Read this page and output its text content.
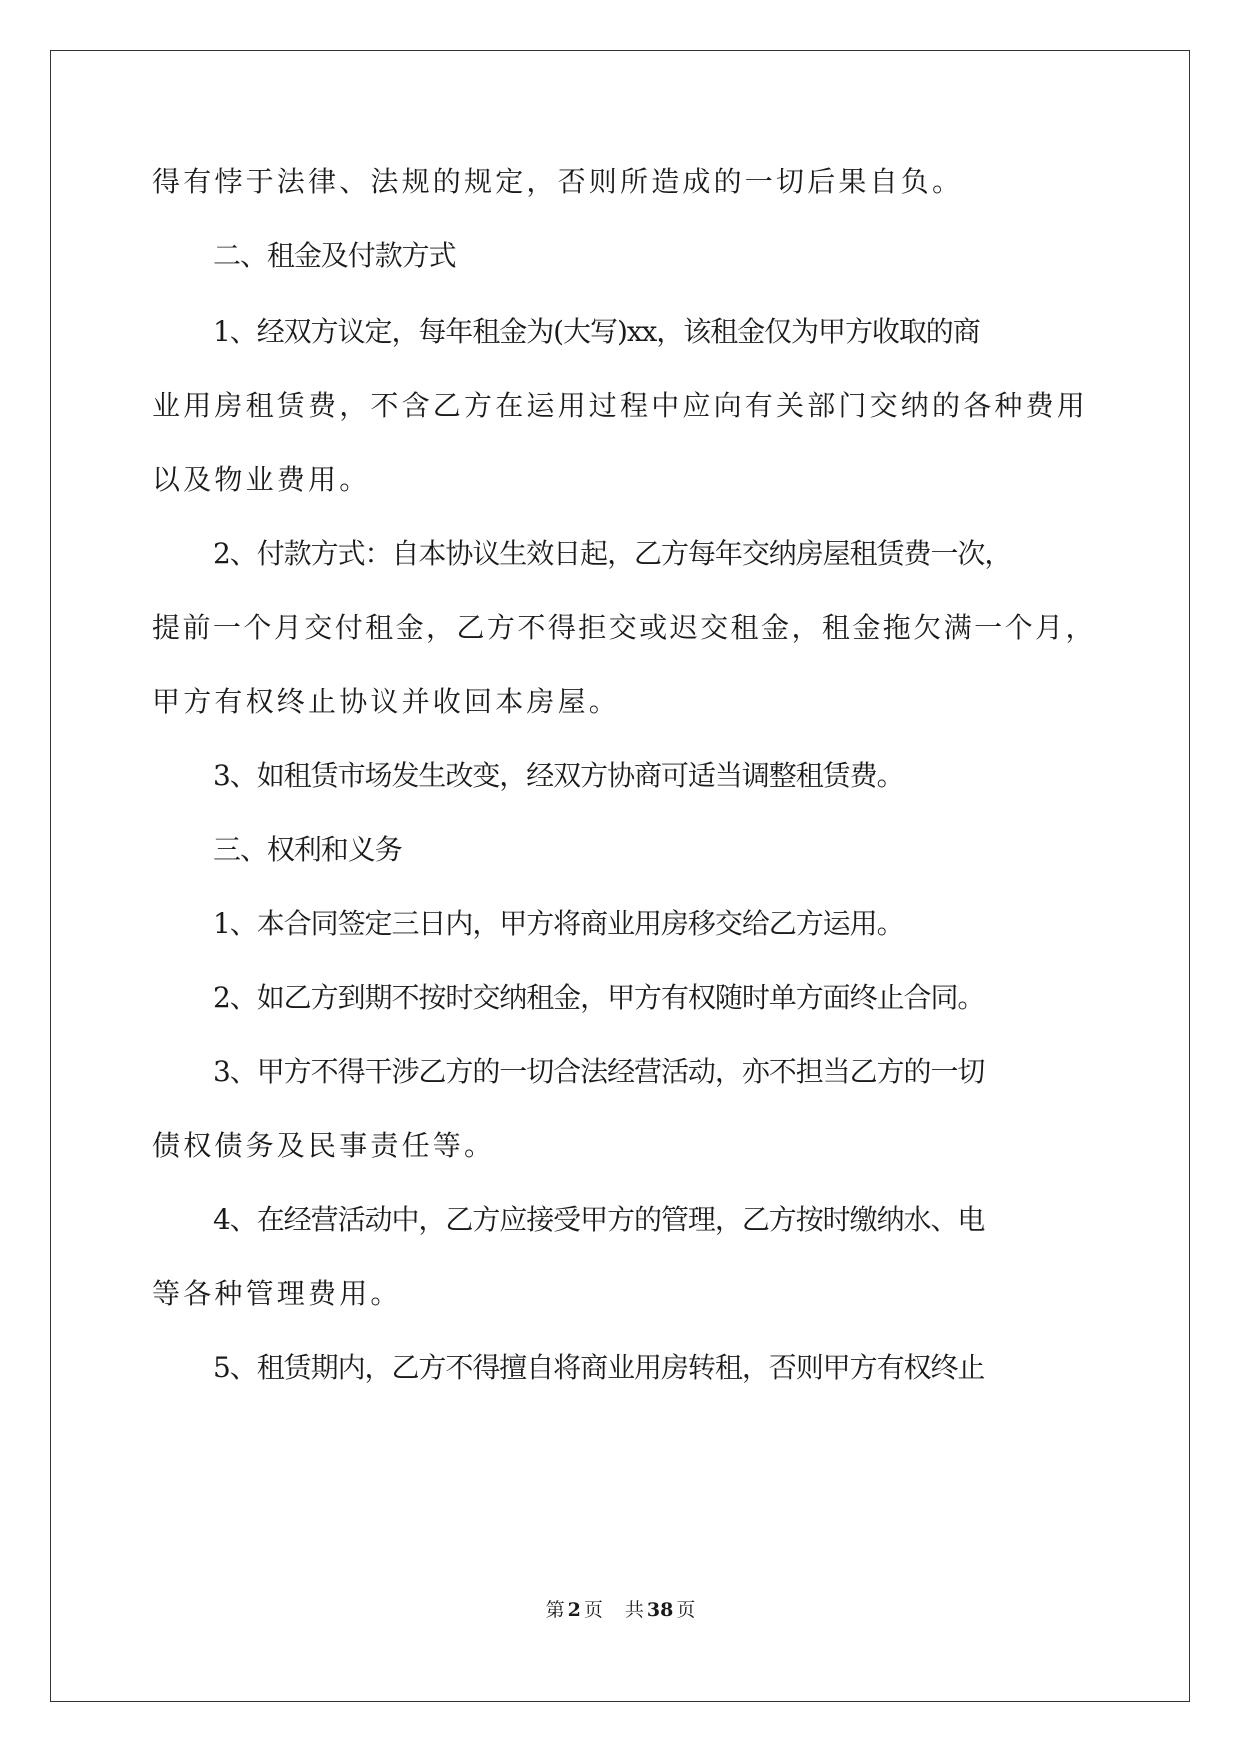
得有悖于法律、法规的规定，否则所造成的一切后果自负。
二、租金及付款方式
1、经双方议定，每年租金为(大写)xx，该租金仅为甲方收取的商
业用房租赁费，不含乙方在运用过程中应向有关部门交纳的各种费用
以及物业费用。
2、付款方式：自本协议生效日起，乙方每年交纳房屋租赁费一次，
提前一个月交付租金，乙方不得拒交或迟交租金，租金拖欠满一个月，
甲方有权终止协议并收回本房屋。
3、如租赁市场发生改变，经双方协商可适当调整租赁费。
三、权利和义务
1、本合同签定三日内，甲方将商业用房移交给乙方运用。
2、如乙方到期不按时交纳租金，甲方有权随时单方面终止合同。
3、甲方不得干涉乙方的一切合法经营活动，亦不担当乙方的一切
债权债务及民事责任等。
4、在经营活动中，乙方应接受甲方的管理，乙方按时缴纳水、电
等各种管理费用。
5、租赁期内，乙方不得擅自将商业用房转租，否则甲方有权终止
第 2 页 共 38 页
